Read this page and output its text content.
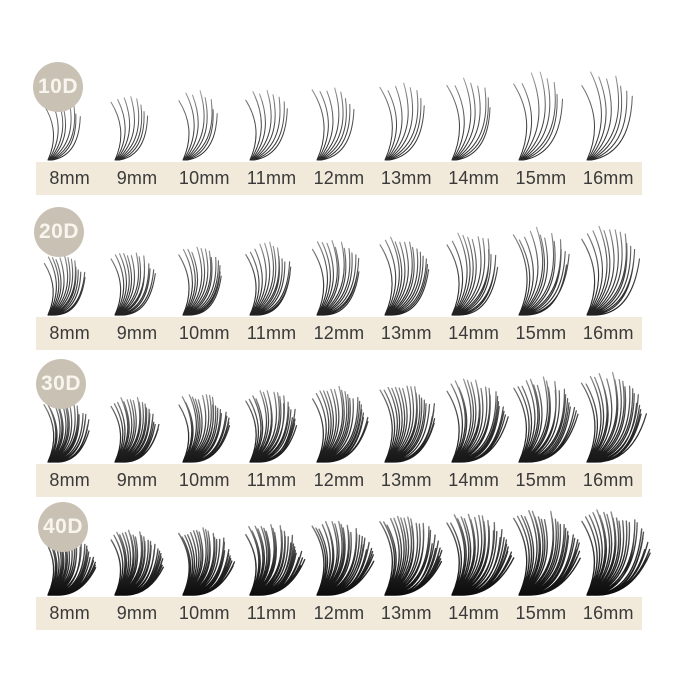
10D
8mm	9mm	10mm 11mm 12mm 13mm 14mm 15mm 16mm
20D
8mm	9mm	10mm 11mm 12mm 13mm 14mm 15mm 16mm
30D
8mm	9mm	10mm 11mm 12mm 13mm 14mm 15mm 16mm
40D
8mm	9mm	10mm 11mm 12mm 13mm 14mm 15mm 16mm
